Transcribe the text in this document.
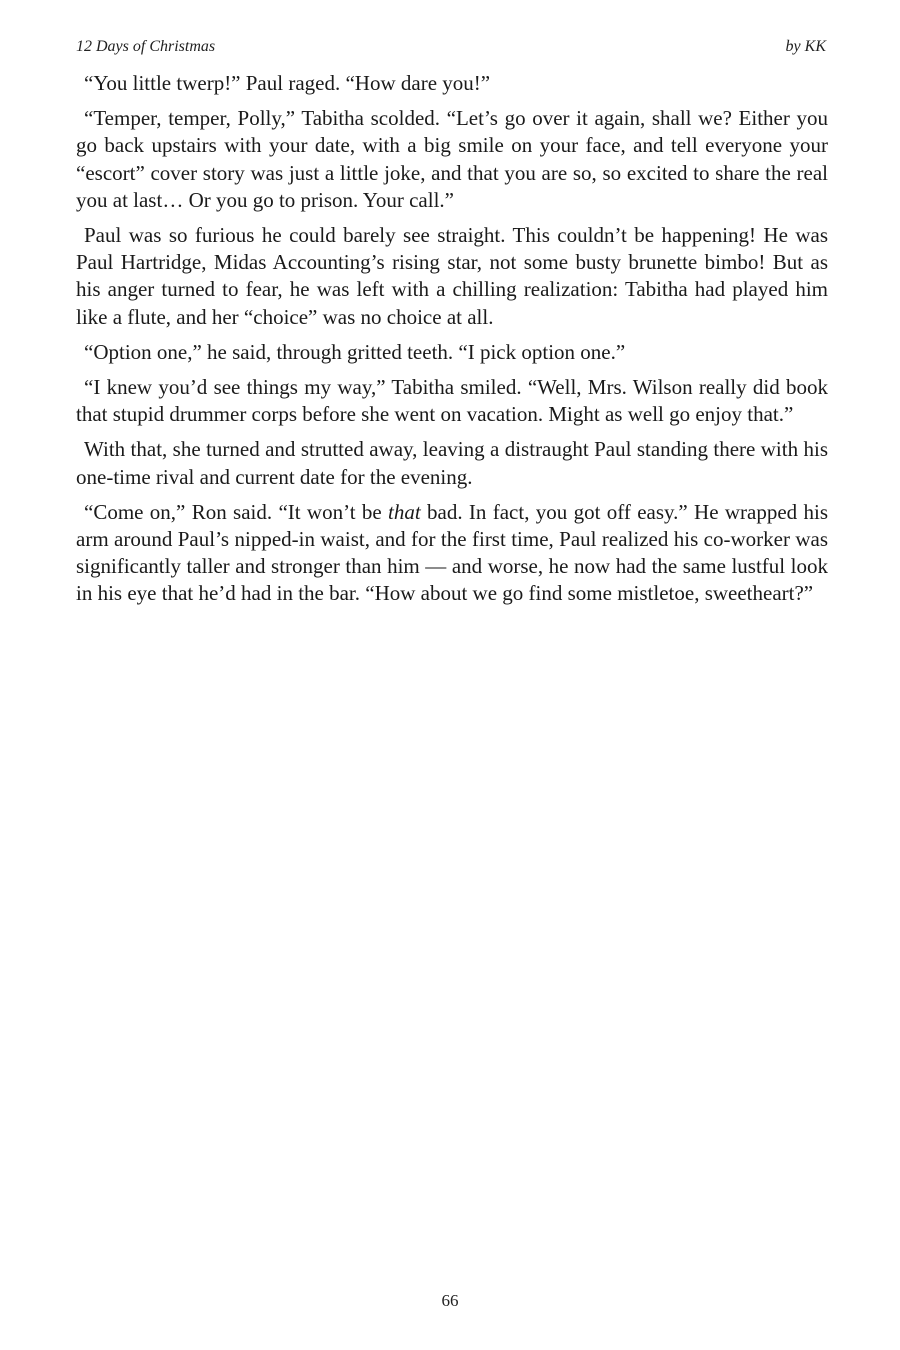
12 Days of Christmas	by KK

“You little twerp!” Paul raged. “How dare you!”

“Temper, temper, Polly,” Tabitha scolded. “Let’s go over it again, shall we? Either you go back upstairs with your date, with a big smile on your face, and tell everyone your “escort” cover story was just a little joke, and that you are so, so excited to share the real you at last… Or you go to prison. Your call.”

Paul was so furious he could barely see straight. This couldn’t be happening! He was Paul Hartridge, Midas Accounting’s rising star, not some busty brunette bimbo! But as his anger turned to fear, he was left with a chilling realization: Tabitha had played him like a flute, and her “choice” was no choice at all.

“Option one,” he said, through gritted teeth. “I pick option one.”

“I knew you’d see things my way,” Tabitha smiled. “Well, Mrs. Wilson really did book that stupid drummer corps before she went on vacation. Might as well go enjoy that.”

With that, she turned and strutted away, leaving a distraught Paul standing there with his one-time rival and current date for the evening.

“Come on,” Ron said. “It won’t be that bad. In fact, you got off easy.” He wrapped his arm around Paul’s nipped-in waist, and for the first time, Paul realized his co-worker was significantly taller and stronger than him — and worse, he now had the same lustful look in his eye that he’d had in the bar. “How about we go find some mistletoe, sweetheart?”

66
